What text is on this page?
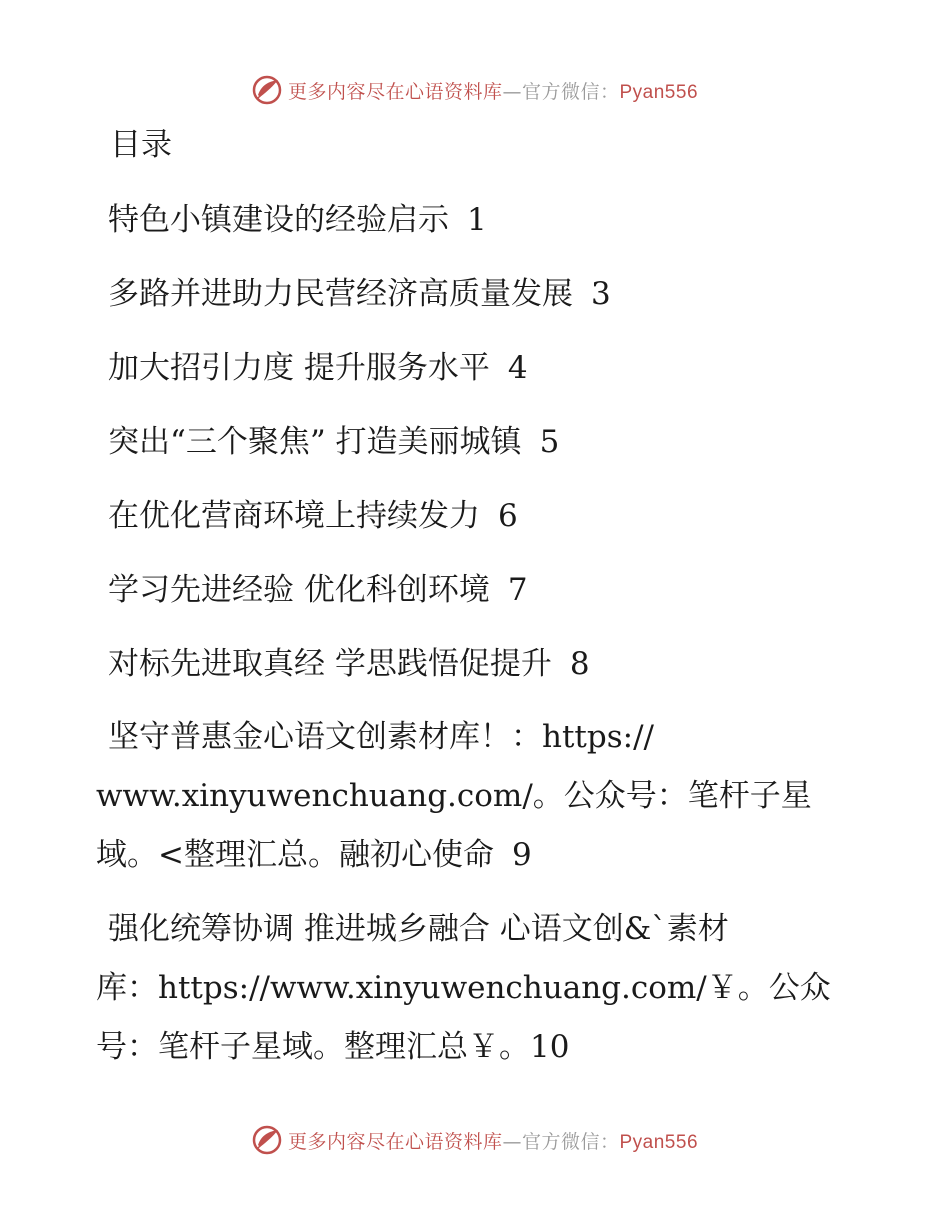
更多内容尽在心语资料库—官方微信：Pyan556
目录
特色小镇建设的经验启示 1
多路并进助力民营经济高质量发展 3
加大招引力度 提升服务水平 4
突出“三个聚焦” 打造美丽城镇 5
在优化营商环境上持续发力 6
学习先进经验 优化科创环境 7
对标先进取真经 学思践悟促提升 8
坚守普惠金心语文创素材库！：https://
www.xinyuwenchuang.com/。公众号：笔杆子星
域。<整理汇总。融初心使命 9
强化统筹协调 推进城乡融合 心语文创&`素材
库：https://www.xinyuwenchuang.com/￥。公众
号：笔杆子星域。整理汇总￥。10
更多内容尽在心语资料库—官方微信：Pyan556
